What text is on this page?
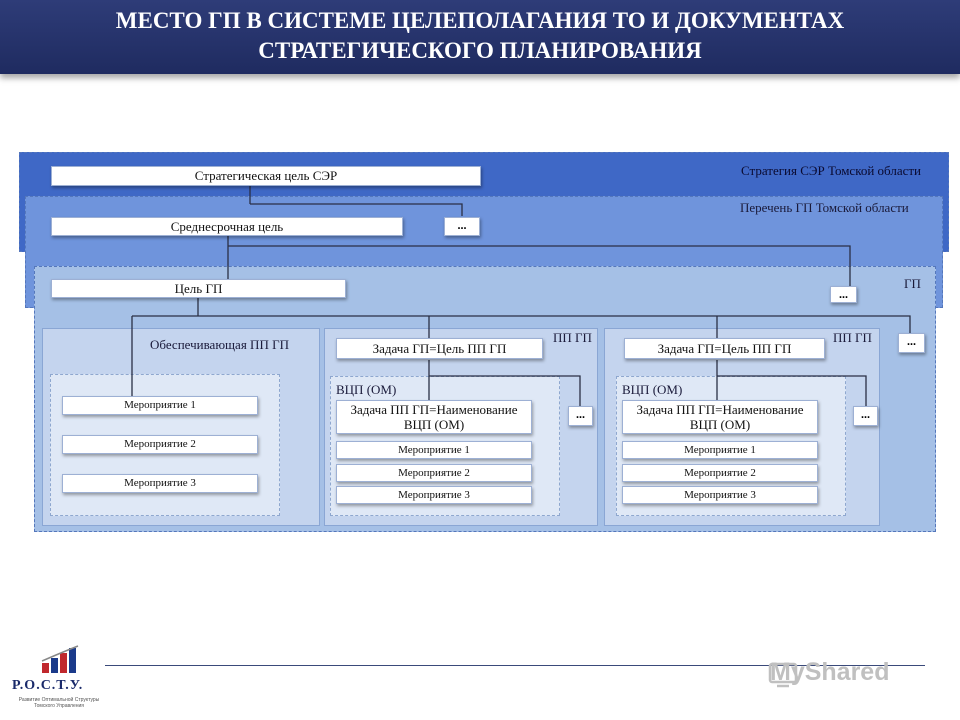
МЕСТО ГП В СИСТЕМЕ ЦЕЛЕПОЛАГАНИЯ ТО И ДОКУМЕНТАХ
СТРАТЕГИЧЕСКОГО ПЛАНИРОВАНИЯ
Стратегия СЭР Томской области
Перечень ГП Томской области
ГП
Обеспечивающая ПП ГП	ПП ГП
ВЦП (ОМ)
ПП ГП
ВЦП (ОМ)
Стратегическая цель СЭР
Среднесрочная цель	...
Цель ГП	...
...
Мероприятие 1
Мероприятие 2
Мероприятие 3
Задача ГП=Цель ПП ГП
Задача ПП ГП=Наименование
ВЦП (ОМ)
...
Мероприятие 1
Мероприятие 2
Мероприятие 3
Задача ГП=Цель ПП ГП
Задача ПП ГП=Наименование
ВЦП (ОМ)
...
Мероприятие 1
Мероприятие 2
Мероприятие 3
Р.О.С.Т.У.
Развитие Оптимальной Структуры Томского Управления
MyShared
